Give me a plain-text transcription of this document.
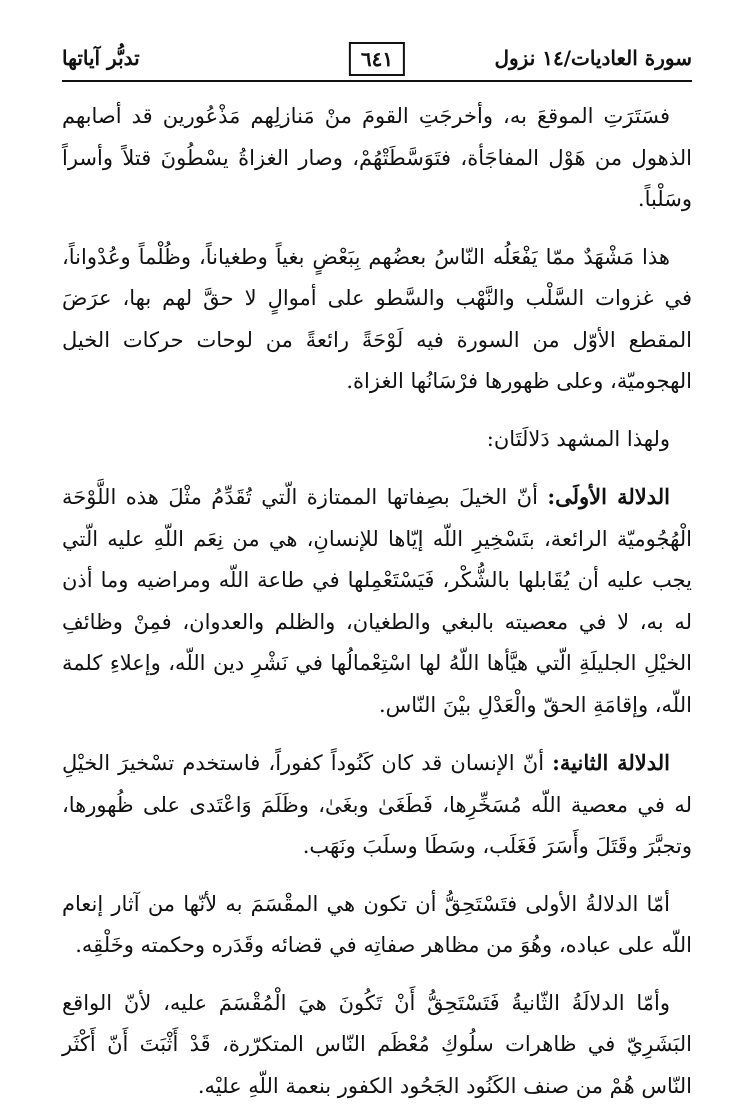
سورة العاديات/١٤ نزول
٦٤١
تدبُّر آياتها

فسَتَرَتِ الموقعَ به، وأخرجَتِ القومَ منْ مَنازلِهم مَذْعُورين قد أصابهم الذهول من هَوْل المفاجَأة، فتَوَسَّطَتْهُمْ، وصار الغزاةُ يسْطُونَ قتلاً وأسراً وسَلْباً.

هذا مَشْهَدٌ ممّا يَفْعَلُه النّاسُ بعضُهم بِبَعْضٍ بغياً وطغياناً، وظُلْماً وعُدْواناً، في غزوات السَّلْب والنَّهْب والسَّطو على أموالٍ لا حقَّ لهم بها، عرَضَ المقطع الأوّل من السورة فيه لَوْحَةً رائعةً من لوحات حركات الخيل الهجوميّة، وعلى ظهورها فرْسَانُها الغزاة.

ولهذا المشهد دَلالَتَان:

الدلالة الأولَى: أنّ الخيلَ بصِفاتها الممتازة الّتي تُقَدِّمُ مثْلَ هذه اللَّوْحَة الْهُجُوميّة الرائعة، بتَسْخِيرِ اللّه إيّاها للإنسانِ، هي من نِعَم اللّهِ عليه الّتي يجب عليه أن يُقَابلها بالشُّكْر، فَيَسْتَعْمِلها في طاعة اللّه ومراضيه وما أذن له به، لا في معصيته بالبغي والطغيان، والظلم والعدوان، فمِنْ وظائفِ الخيْلِ الجليلَةِ الّتي هيَّأها اللّهُ لها اسْتِعْمالُها في نَشْرِ دين اللّه، وإعلاءِ كلمة اللّه، وإقامَةِ الحقّ والْعَدْلِ بيْنَ النّاس.

الدلالة الثانية: أنّ الإنسان قد كان كَنُوداً كفوراً، فاستخدم تسْخيرَ الخيْلِ له في معصية اللّه مُسَخِّرِها، فَطَغَىٰ وبغَىٰ، وظَلَمَ وَاعْتَدى على ظُهورها، وتجبَّرَ وقَتَلَ وأَسَرَ فَغَلَب، وسَطَا وسلَبَ ونَهَب.

أمّا الدلالةُ الأولى فتَسْتَحِقُّ أن تكون هي المقْسَمَ به لأنّها من آثار إنعام اللّه على عباده، وهُوَ من مظاهر صفاتِه في قضائه وقَدَره وحكمته وخَلْقِه.

وأمّا الدلالَةُ الثّانيةُ فَتَسْتَحِقُّ أَنْ تَكُونَ هيَ الْمُقْسَمَ عليه، لأنّ الواقع البَشَرِيّ في ظاهرات سلُوكِ مُعْظَم النّاس المتكرّرة، قَدْ أَثْبَتَ أَنّ أَكْثَر النّاس هُمْ من صنف الكَنُود الجَحُود الكفور بنعمة اللّهِ عليْه.
